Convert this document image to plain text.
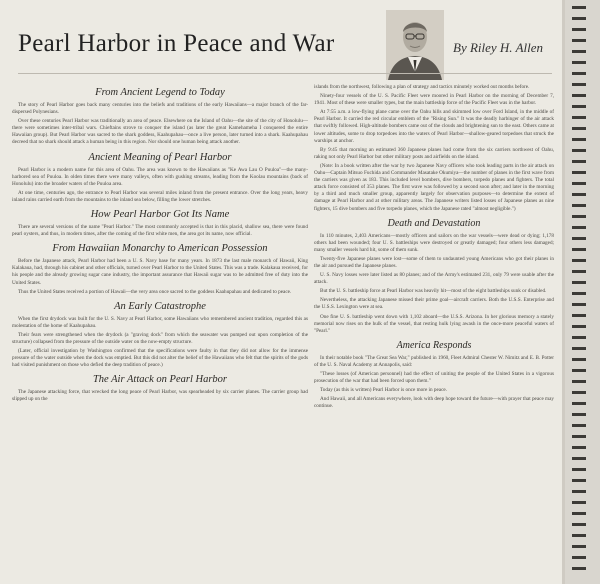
Pearl Harbor in Peace and War	By Riley H. Allen
From Ancient Legend to Today

The story of Pearl Harbor goes back many centuries into the beliefs and traditions of the early Hawaiians—a major branch of the far-dispersed Polynesians.

Over these centuries Pearl Harbor was traditionally an area of peace. Elsewhere on the Island of Oahu—the site of the city of Honolulu—there were sometimes inter-tribal wars. Chieftains strove to conquer the island (as later the great Kamehameha I conquered the entire Hawaiian group). But Pearl Harbor was sacred to the shark goddess, Kaahupahau—once a live person, later turned into a shark. Kaahupahau decreed that no shark should attack a human being in this region. Nor should one human being attack another.

Ancient Meaning of Pearl Harbor

Pearl Harbor is a modern name for this area of Oahu. The area was known to the Hawaiians as "Ke Awa Lau O Puuloa"—the many-harbored sea of Puuloa. In olden times there were many valleys, often with gushing streams, leading from the Koolau mountains (back of Honolulu) into the broader waters of the Puuloa area.

At one time, centuries ago, the entrance to Pearl Harbor was several miles inland from the present entrance. Over the long years, heavy inland rains carried earth from the mountains to the inland sea below, filling the lower stretches.

How Pearl Harbor Got Its Name

There are several versions of the name "Pearl Harbor." The most commonly accepted is that in this placid, shallow sea, there were found pearl oysters, and thus, in modern times, after the coming of the first white men, the area got its name, now official.

From Hawaiian Monarchy to American Possession

Before the Japanese attack, Pearl Harbor had been a U. S. Navy base for many years. In 1873 the last male monarch of Hawaii, King Kalakaua, had, through his cabinet and other officials, turned over Pearl Harbor to the United States. This was a trade. Kalakaua received, for his people and the already growing sugar cane industry, the important assurance that Hawaii sugar was to be admitted free of duty into the United States.

Thus the United States received a portion of Hawaii—the very area once sacred to the goddess Kaahupahau and dedicated to peace.

An Early Catastrophe

When the first drydock was built for the U. S. Navy at Pearl Harbor, some Hawaiians who remembered ancient tradition, regarded this as molestation of the home of Kaahupahau.

Their fears were strengthened when the drydock (a "graving dock" from which the seawater was pumped out upon completion of the structure) collapsed from the pressure of the outside water on the now-empty structure.

(Later, official investigation by Washington confirmed that the specifications were faulty in that they did not allow for the immense pressure of the water outside when the dock was emptied. But this did not alter the belief of the Hawaiians who felt that the spirits of the gods had visited punishment on those who defied the deep tradition of peace.)

The Air Attack on Pearl Harbor

The Japanese attacking force, that wrecked the long peace of Pearl Harbor, was spearheaded by six carrier planes. The carrier group had slipped up on the

islands from the northwest, following a plan of strategy and tactics minutely worked out months before.

Ninety-four vessels of the U. S. Pacific Fleet were moored in Pearl Harbor on the morning of December 7, 1941. Most of these were smaller types, but the main battleship force of the Pacific Fleet was in the harbor.

At 7:55 a.m. a low-flying plane came over the Oahu hills and skimmed low over Ford Island, in the middle of Pearl Harbor. It carried the red circular emblem of the "Rising Sun." It was the deadly harbinger of the air attack that swiftly followed. High-altitude bombers came out of the clouds and brightening sun to the east. Others came at lower altitudes, some to drop torpedoes into the waters of Pearl Harbor—shallow-geared torpedoes that struck the warships at anchor.

By 9:45 that morning an estimated 360 Japanese planes had come from the six carriers northwest of Oahu, raking not only Pearl Harbor but other military posts and airfields on the island.

(Note: In a book written after the war by two Japanese Navy officers who took leading parts in the air attack on Oahu—Captain Mitsuo Fuchida and Commander Masatake Okumiya—the number of planes in the first wave from the carriers was given as 183. This included level bombers, dive bombers, torpedo planes and fighters. The total attack force consisted of 353 planes. The first wave was followed by a second soon after; and later in the morning by a third and much smaller group, apparently largely for observation purposes—to determine the extent of damage at Pearl Harbor and at other military areas. The Japanese writers listed losses of Japanese planes as nine fighters, 15 dive bombers and five torpedo planes, which the Japanese rated "almost negligible.")

Death and Devastation

In 110 minutes, 2,403 Americans—mostly officers and sailors on the war vessels—were dead or dying; 1,178 others had been wounded; four U. S. battleships were destroyed or greatly damaged; four others less damaged; many smaller vessels hard hit, some of them sunk.

Twenty-five Japanese planes were lost—some of them to undaunted young Americans who got their planes in the air and pursued the Japanese planes.

U. S. Navy losses were later listed as 80 planes; and of the Army's estimated 231, only 79 were usable after the attack.

But the U. S. battleship force at Pearl Harbor was heavily hit—most of the eight battleships sunk or disabled.

Nevertheless, the attacking Japanese missed their prime goal—aircraft carriers. Both the U.S.S. Enterprise and the U.S.S. Lexington were at sea.

One fine U. S. battleship went down with 1,102 aboard—the U.S.S. Arizona. In her glorious memory a stately memorial now rises on the hulk of the vessel, that resting hulk lying awash in the once-more peaceful waters of "Pearl."

America Responds

In their notable book "The Great Sea War," published in 1960, Fleet Admiral Chester W. Nimitz and E. B. Potter of the U. S. Naval Academy at Annapolis, said:

"These losses (of American personnel) had the effect of uniting the people of the United States in a vigorous prosecution of the war that had been forced upon them."

Today (as this is written) Pearl Harbor is once more in peace.

And Hawaii, and all Americans everywhere, look with deep hope toward the future—with prayer that peace may continue.
